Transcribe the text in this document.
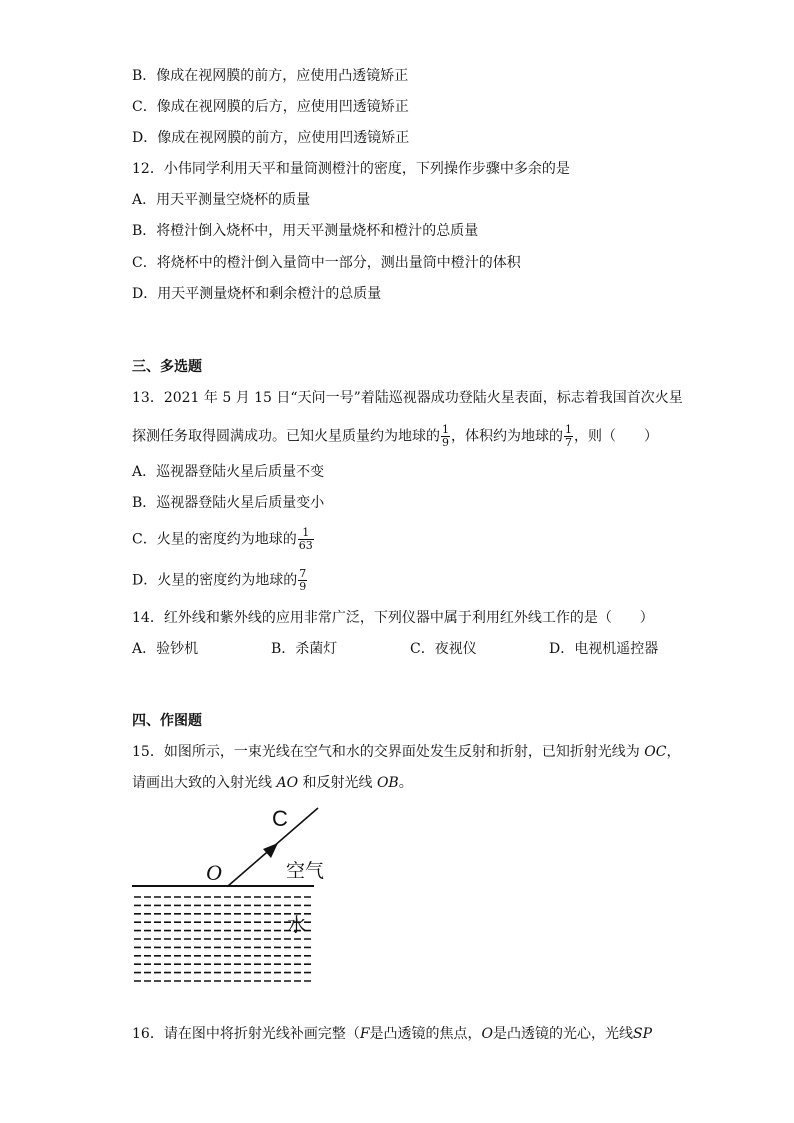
B．像成在视网膜的前方，应使用凸透镜矫正
C．像成在视网膜的后方，应使用凹透镜矫正
D．像成在视网膜的前方，应使用凹透镜矫正
12．小伟同学利用天平和量筒测橙汁的密度，下列操作步骤中多余的是
A．用天平测量空烧杯的质量
B．将橙汁倒入烧杯中，用天平测量烧杯和橙汁的总质量
C．将烧杯中的橙汁倒入量筒中一部分，测出量筒中橙汁的体积
D．用天平测量烧杯和剩余橙汁的总质量
三、多选题
13．2021 年 5 月 15 日“天问一号”着陆巡视器成功登陆火星表面，标志着我国首次火星
探测任务取得圆满成功。已知火星质量约为地球的 $\frac{1}{9}$ ，体积约为地球的 $\frac{1}{7}$ ，则（　　）
A．巡视器登陆火星后质量不变
B．巡视器登陆火星后质量变小
C．火星的密度约为地球的 $\frac{1}{63}$
D．火星的密度约为地球的 $\frac{7}{9}$
14．红外线和紫外线的应用非常广泛，下列仪器中属于利用红外线工作的是（　　）
A．验钞机	B．杀菌灯	C．夜视仪	D．电视机遥控器
四、作图题
15．如图所示，一束光线在空气和水的交界面处发生反射和折射，已知折射光线为 OC，
请画出大致的入射光线 AO 和反射光线 OB。
C
O	空气
水
16．请在图中将折射光线补画完整（F是凸透镜的焦点，O是凸透镜的光心，光线SP
